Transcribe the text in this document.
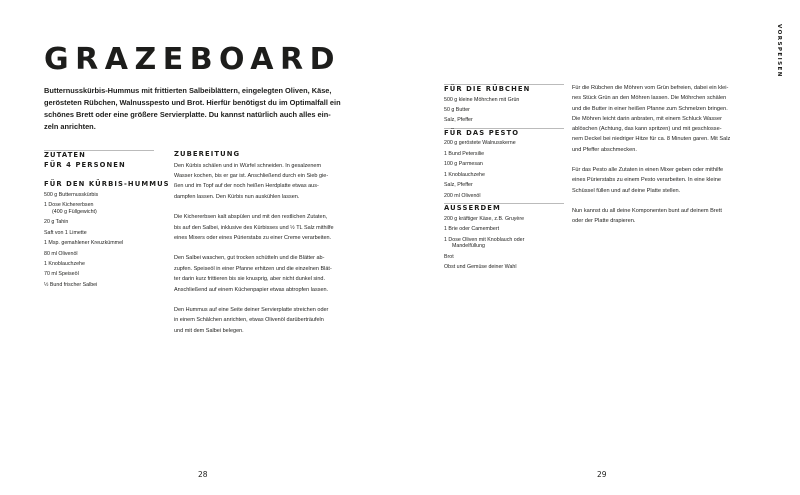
GRAZEBOARD

Butternusskürbis-Hummus mit frittierten Salbeiblättern, eingelegten Oliven, Käse,
gerösteten Rübchen, Walnusspesto und Brot. Hierfür benötigst du im Optimalfall ein
schönes Brett oder eine größere Servierplatte. Du kannst natürlich auch alles ein-
zeln anrichten.

ZUTATEN
FÜR 4 PERSONEN
FÜR DEN KÜRBIS-HUMMUS
500 g Butternusskürbis
1 Dose Kichererbsen
(400 g Füllgewicht)
20 g Tahin
Saft von 1 Limette
1 Msp. gemahlener Kreuzkümmel
80 ml Olivenöl
1 Knoblauchzehe
70 ml Speiseöl
½ Bund frischer Salbei
ZUBEREITUNG

Den Kürbis schälen und in Würfel schneiden. In gesalzenem
Wasser kochen, bis er gar ist. Anschließend durch ein Sieb gie-
ßen und im Topf auf der noch heißen Herdplatte etwas aus-
dampfen lassen. Den Kürbis nun auskühlen lassen.

Die Kichererbsen kalt abspülen und mit den restlichen Zutaten,
bis auf den Salbei, inklusive des Kürbisses und ½ TL Salz mithilfe
eines Mixers oder eines Pürierstabs zu einer Creme verarbeiten.

Den Salbei waschen, gut trocken schütteln und die Blätter ab-
zupfen. Speiseöl in einer Pfanne erhitzen und die einzelnen Blät-
ter darin kurz frittieren bis sie knusprig, aber nicht dunkel sind.
Anschließend auf einem Küchenpapier etwas abtropfen lassen.

Den Hummus auf eine Seite deiner Servierplatte streichen oder
in einem Schälchen anrichten, etwas Olivenöl darüberträufeln
und mit dem Salbei belegen.

28
FÜR DIE RÜBCHEN
500 g kleine Möhrchen mit Grün
50 g Butter
Salz, Pfeffer
FÜR DAS PESTO
200 g geröstete Walnusskerne
1 Bund Petersilie
100 g Parmesan
1 Knoblauchzehe
Salz, Pfeffer
200 ml Olivenöl
AUSSERDEM
200 g kräftiger Käse, z.B. Gruyère
1 Brie oder Camembert
1 Dose Oliven mit Knoblauch oder
Mandelfüllung
Brot
Obst und Gemüse deiner Wahl

Für die Rübchen die Möhren vom Grün befreien, dabei ein klei-
nes Stück Grün an den Möhren lassen. Die Möhrchen schälen
und die Butter in einer heißen Pfanne zum Schmelzen bringen.
Die Möhren leicht darin anbraten, mit einem Schluck Wasser
ablöschen (Achtung, das kann spritzen) und mit geschlosse-
nem Deckel bei niedriger Hitze für ca. 8 Minuten garen. Mit Salz
und Pfeffer abschmecken.

Für das Pesto alle Zutaten in einen Mixer geben oder mithilfe
eines Pürierstabs zu einem Pesto verarbeiten. In eine kleine
Schüssel füllen und auf deine Platte stellen.

Nun kannst du all deine Komponenten bunt auf deinem Brett
oder der Platte drapieren.

VORSPEISEN
29
